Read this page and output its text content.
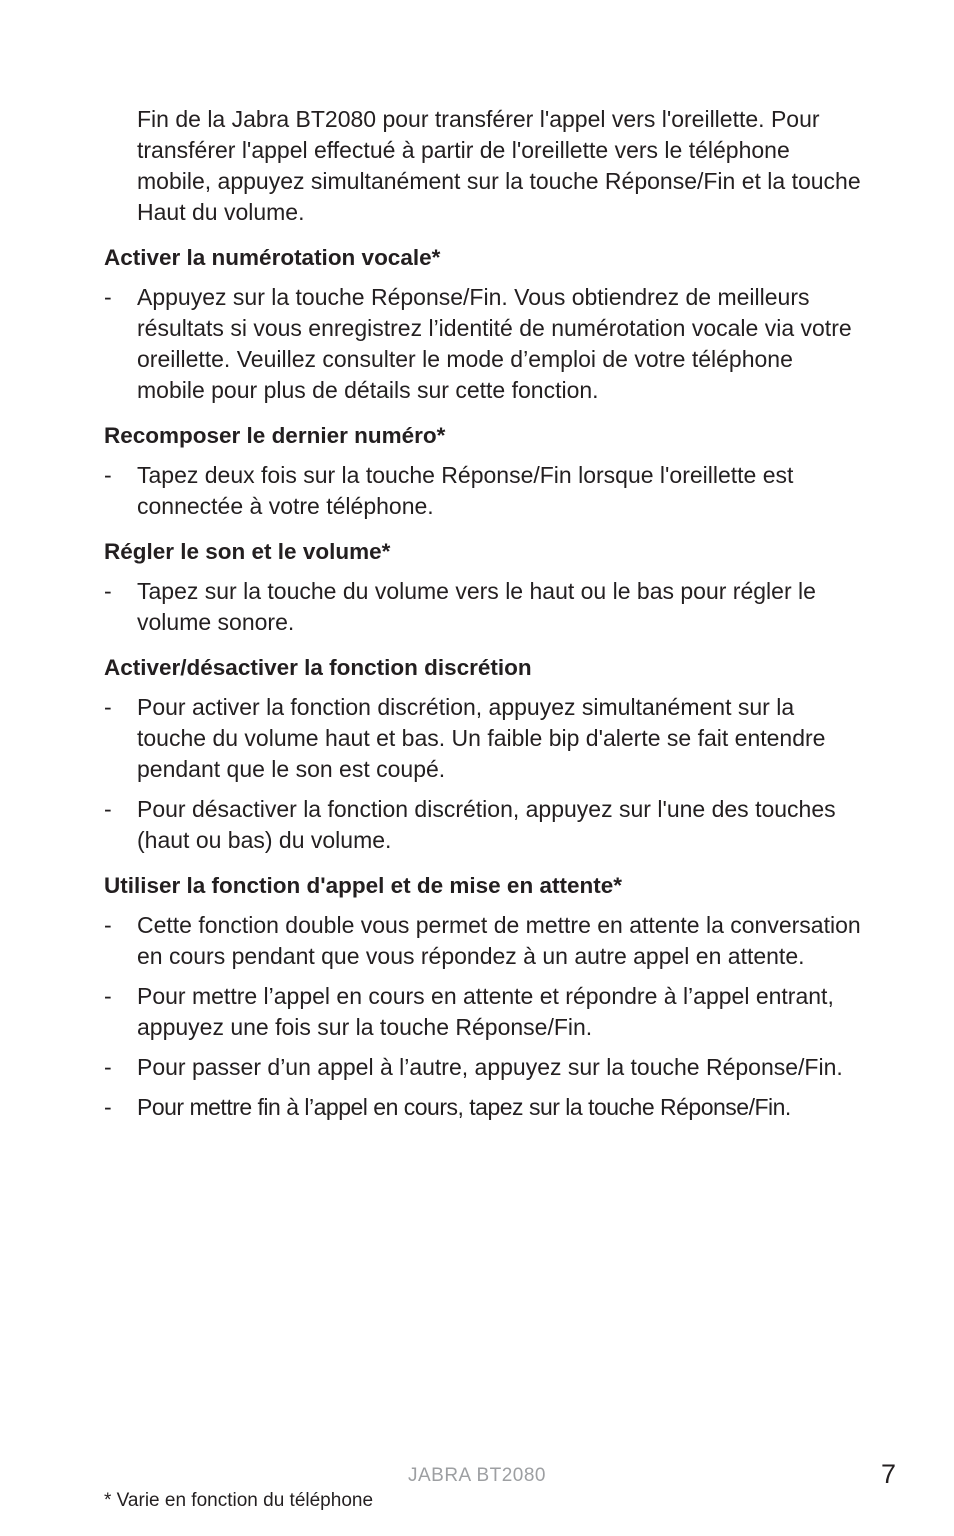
Fin de la Jabra BT2080 pour transférer l'appel vers l'oreillette. Pour transférer l'appel effectué à partir de l'oreillette vers le téléphone mobile, appuyez simultanément sur la touche Réponse/Fin et la touche Haut du volume.

Activer la numérotation vocale*
- Appuyez sur la touche Réponse/Fin. Vous obtiendrez de meilleurs résultats si vous enregistrez l’identité de numérotation vocale via votre oreillette. Veuillez consulter le mode d’emploi de votre téléphone mobile pour plus de détails sur cette fonction.
Recomposer le dernier numéro*
- Tapez deux fois sur la touche Réponse/Fin lorsque l'oreillette est connectée à votre téléphone.
Régler le son et le volume*
- Tapez sur la touche du volume vers le haut ou le bas pour régler le volume sonore.
Activer/désactiver la fonction discrétion
- Pour activer la fonction discrétion, appuyez simultanément sur la touche du volume haut et bas. Un faible bip d'alerte se fait entendre pendant que le son est coupé.
- Pour désactiver la fonction discrétion, appuyez sur l'une des touches (haut ou bas) du volume.
Utiliser la fonction d'appel et de mise en attente*
- Cette fonction double vous permet de mettre en attente la conversation en cours pendant que vous répondez à un autre appel en attente.
- Pour mettre l’appel en cours en attente et répondre à l’appel entrant, appuyez une fois sur la touche Réponse/Fin.
- Pour passer d’un appel à l’autre, appuyez sur la touche Réponse/Fin.
- Pour mettre fin à l’appel en cours, tapez sur la touche Réponse/Fin.
JABRA BT2080	7
* Varie en fonction du téléphone
